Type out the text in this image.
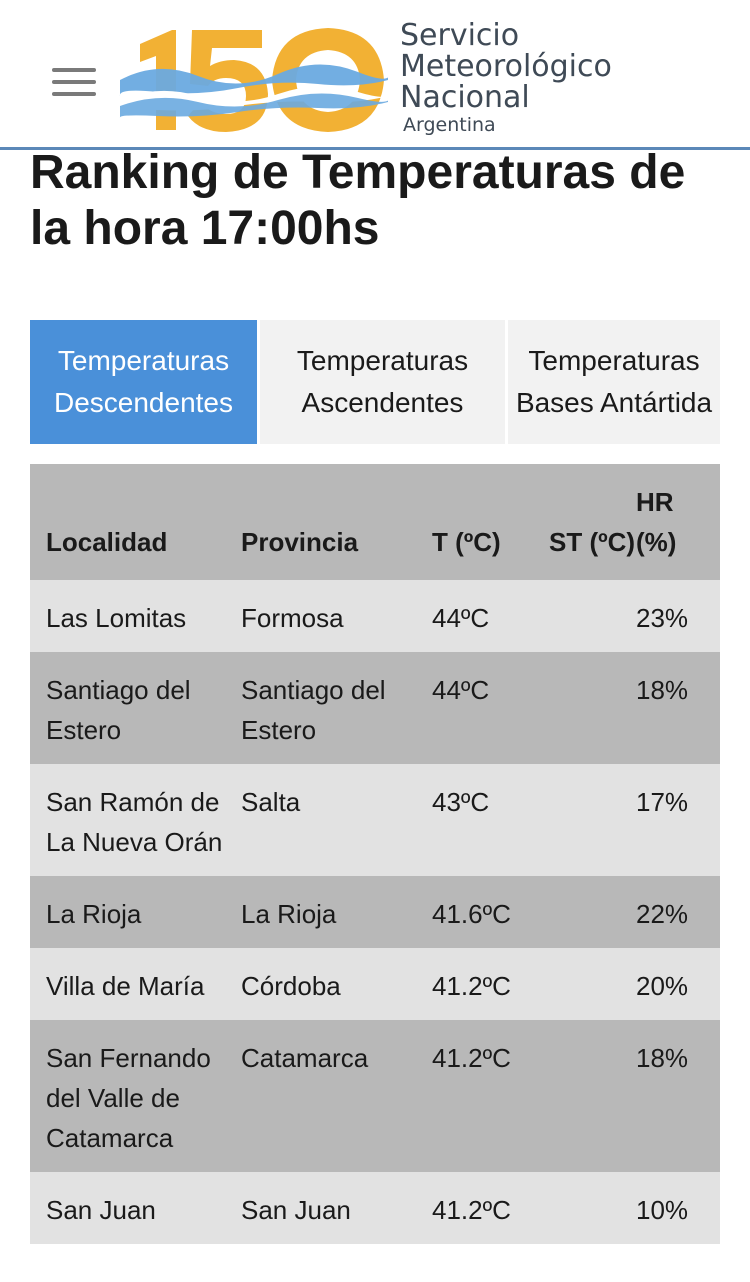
Servicio
Meteorológico
Nacional
Argentina
Ranking de Temperaturas de la hora 17:00hs
Temperaturas
Descendentes
Temperaturas
Ascendentes
Temperaturas
Bases Antártida
Localidad	Provincia	T (ºC)	ST (ºC)	HR (%)
Las Lomitas	Formosa	44ºC		23%
Santiago del Estero	Santiago del Estero	44ºC		18%
San Ramón de La Nueva Orán	Salta	43ºC		17%
La Rioja	La Rioja	41.6ºC		22%
Villa de María	Córdoba	41.2ºC		20%
San Fernando del Valle de Catamarca	Catamarca	41.2ºC		18%
San Juan	San Juan	41.2ºC		10%
